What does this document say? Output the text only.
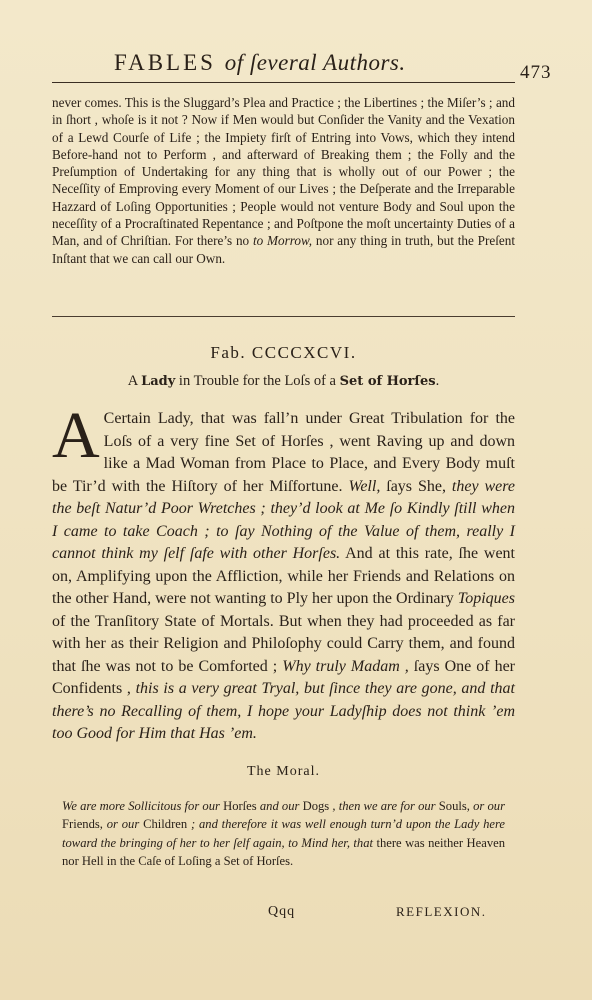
FABLES of ſeveral Authors.	473
never comes. This is the Sluggard’s Plea and Practice ; the Libertines ; the Miſer’s ; and in ſhort , whoſe is it not ? Now if Men would but Conſider the Vanity and the Vexation of a Lewd Courſe of Life ; the Impiety firſt of Entring into Vows, which they intend Before-hand not to Perform , and afterward of Breaking them ; the Folly and the Preſumption of Undertaking for any thing that is wholly out of our Power ; the Neceſſity of Emproving every Moment of our Lives ; the Deſperate and the Irreparable Hazzard of Loſing Opportunities ; People would not venture Body and Soul upon the neceſſity of a Procraſtinated Repentance ; and Poſtpone the moſt uncertainty Duties of a Man, and of Chriſtian. For there’s no to Morrow, nor any thing in truth, but the Preſent Inſtant that we can call our Own.
Fab. CCCCXCVI.
A Lady in Trouble for the Loſs of a Set of Horſes.
A Certain Lady, that was fall’n under Great Tribulation for the Loſs of a very fine Set of Horſes , went Raving up and down like a Mad Woman from Place to Place, and Every Body muſt be Tir’d with the Hiſtory of her Miſfortune. Well, ſays She, they were the beſt Natur’d Poor Wretches ; they’d look at Me ſo Kindly ſtill when I came to take Coach ; to ſay Nothing of the Value of them, really I cannot think my ſelf ſafe with other Horſes. And at this rate, ſhe went on, Amplifying upon the Affliction, while her Friends and Relations on the other Hand, were not wanting to Ply her upon the Ordinary Topiques of the Tranſitory State of Mortals. But when they had proceeded as far with her as their Religion and Philoſophy could Carry them, and found that ſhe was not to be Comforted ; Why truly Madam , ſays One of her Confidents , this is a very great Tryal, but ſince they are gone, and that there’s no Recalling of them, I hope your Ladyſhip does not think ’em too Good for Him that Has ’em.
The Moral.
We are more Sollicitous for our Horſes and our Dogs , then we are for our Souls, or our Friends, or our Children ; and therefore it was well enough turn’d upon the Lady here toward the bringing of her to her ſelf again, to Mind her, that there was neither Heaven nor Hell in the Caſe of Loſing a Set of Horſes.
Qqq	REFLEXION.
